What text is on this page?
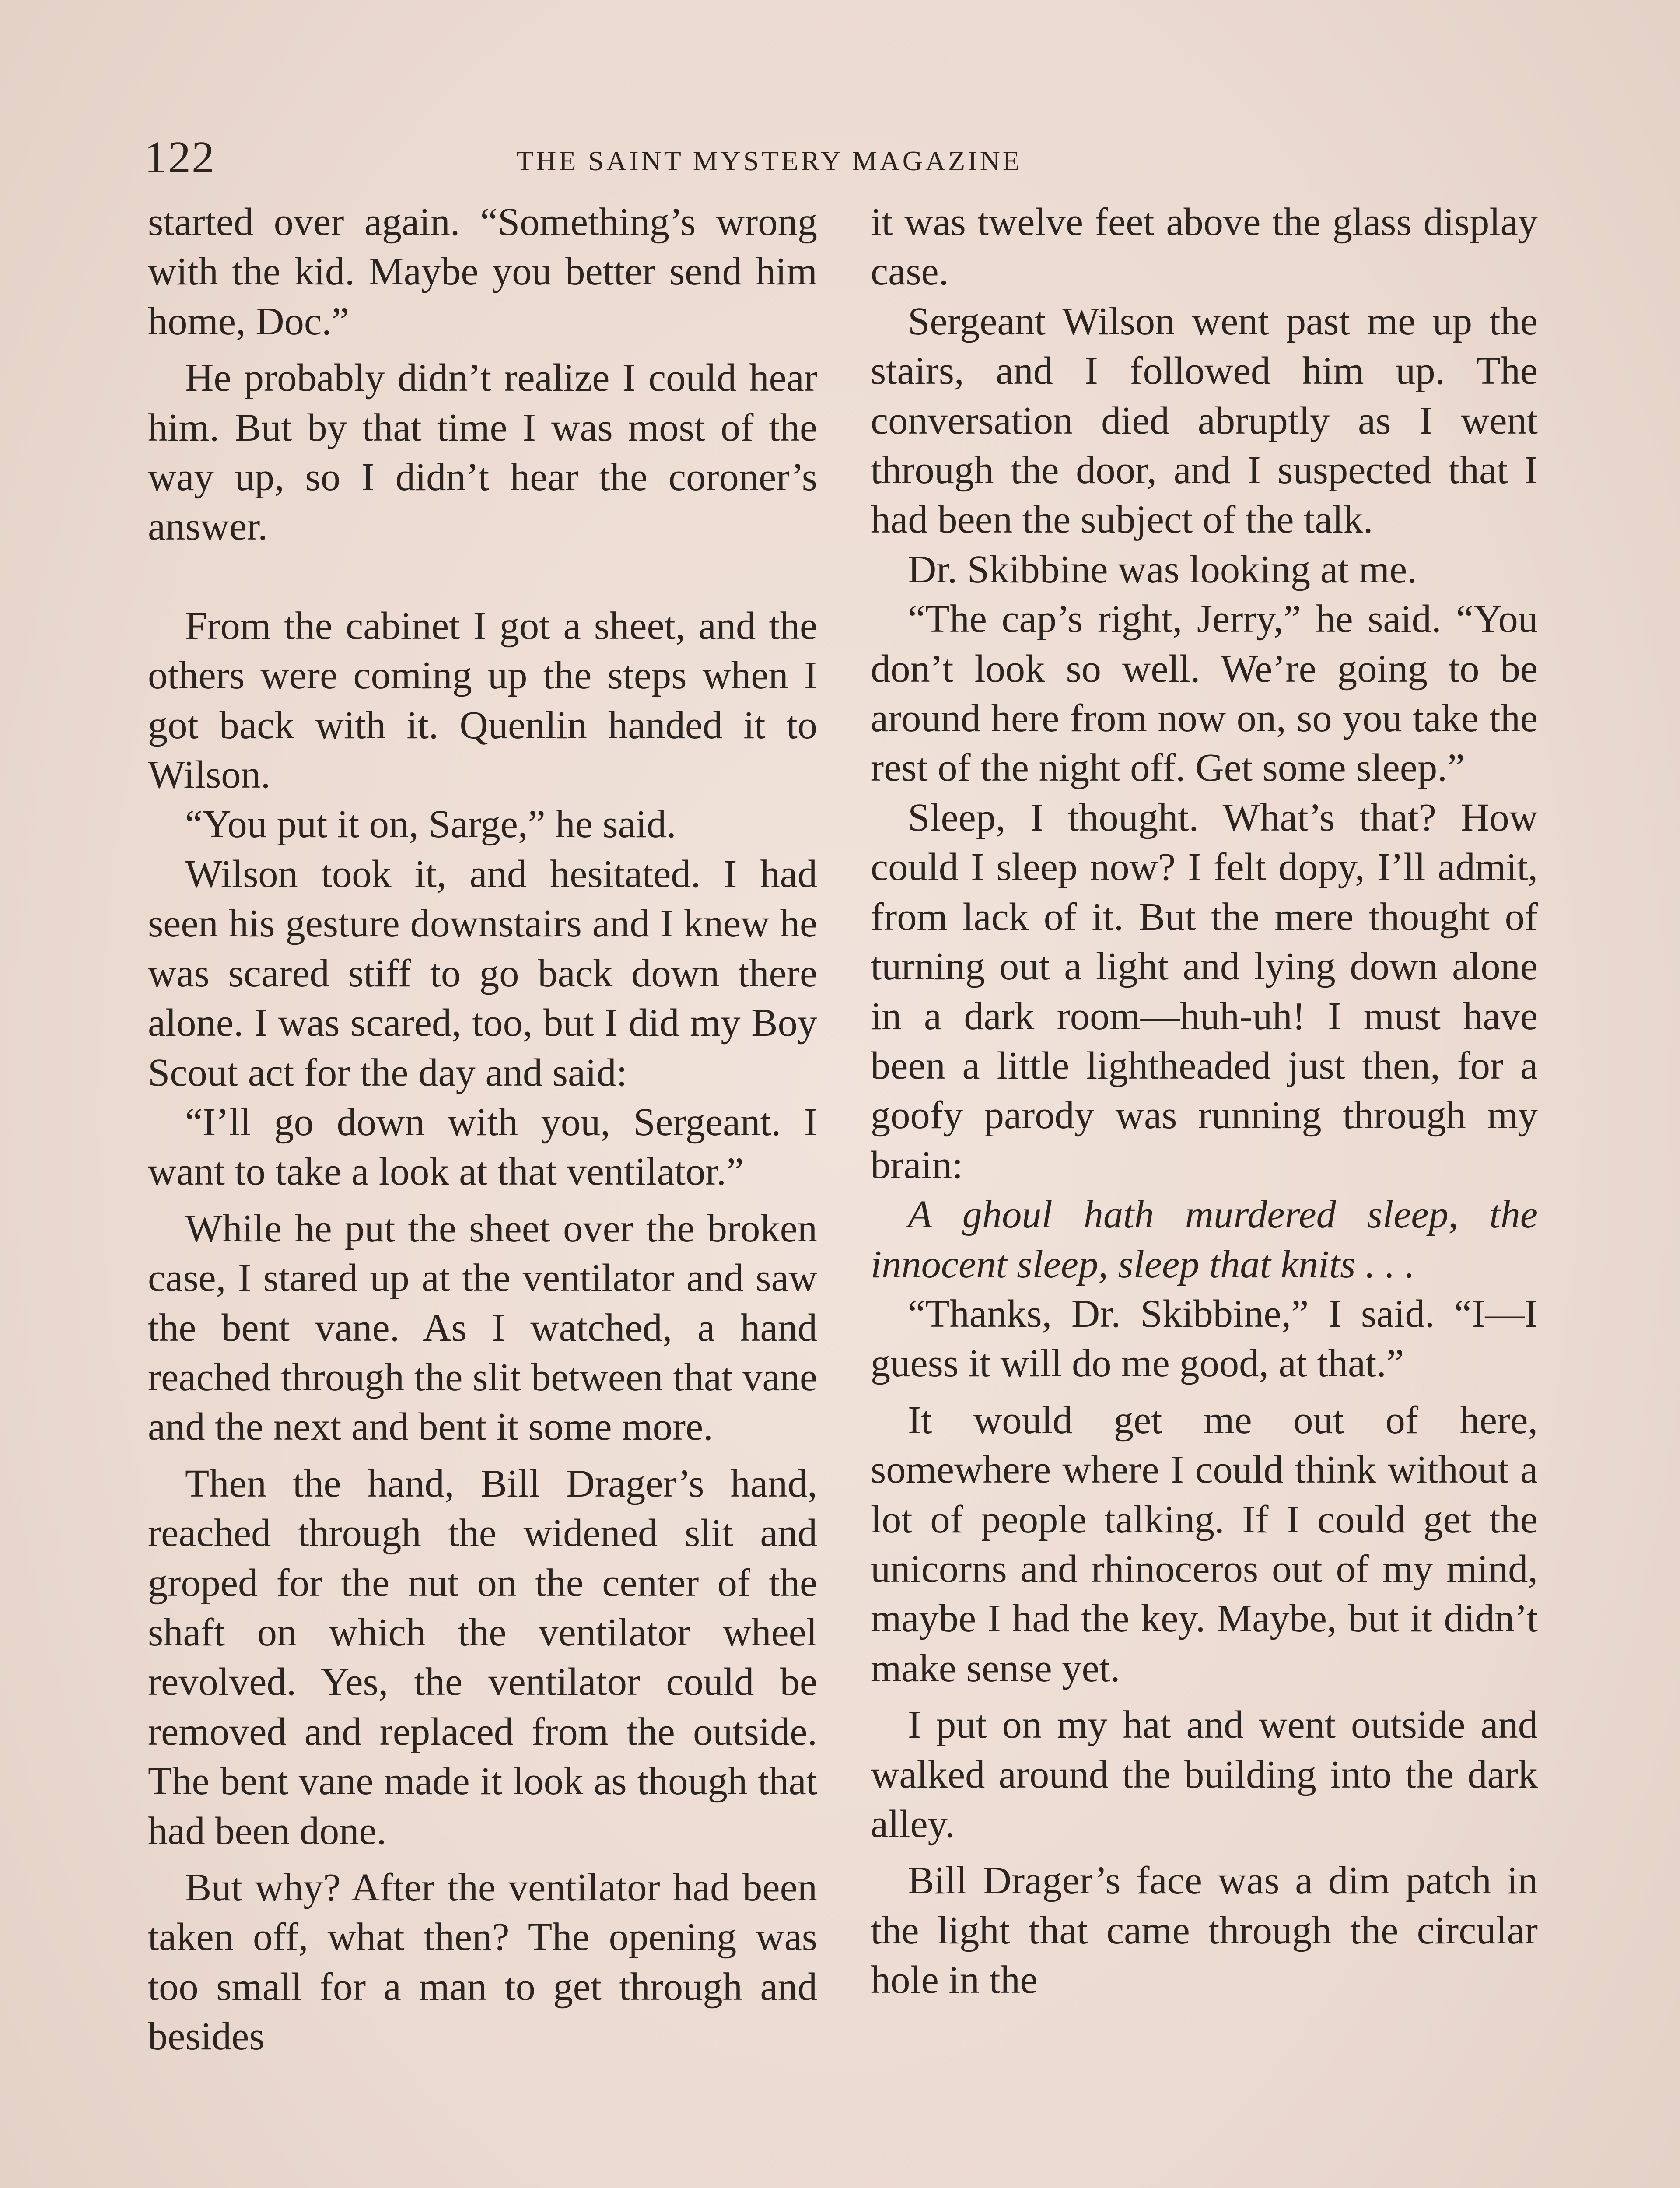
122	THE SAINT MYSTERY MAGAZINE

started over again. “Something’s wrong with the kid. Maybe you better send him home, Doc.”

He probably didn’t realize I could hear him. But by that time I was most of the way up, so I didn’t hear the coroner’s answer.

From the cabinet I got a sheet, and the others were coming up the steps when I got back with it. Quenlin handed it to Wilson.

“You put it on, Sarge,” he said.

Wilson took it, and hesitated. I had seen his gesture downstairs and I knew he was scared stiff to go back down there alone. I was scared, too, but I did my Boy Scout act for the day and said:

“I’ll go down with you, Sergeant. I want to take a look at that ventilator.”

While he put the sheet over the broken case, I stared up at the ventilator and saw the bent vane. As I watched, a hand reached through the slit between that vane and the next and bent it some more.

Then the hand, Bill Drager’s hand, reached through the widened slit and groped for the nut on the center of the shaft on which the ventilator wheel revolved. Yes, the ventilator could be removed and replaced from the outside. The bent vane made it look as though that had been done.

But why? After the ventilator had been taken off, what then? The opening was too small for a man to get through and besides

it was twelve feet above the glass display case.

Sergeant Wilson went past me up the stairs, and I followed him up. The conversation died abruptly as I went through the door, and I suspected that I had been the subject of the talk.

Dr. Skibbine was looking at me.

“The cap’s right, Jerry,” he said. “You don’t look so well. We’re going to be around here from now on, so you take the rest of the night off. Get some sleep.”

Sleep, I thought. What’s that? How could I sleep now? I felt dopy, I’ll admit, from lack of it. But the mere thought of turning out a light and lying down alone in a dark room—huh-uh! I must have been a little lightheaded just then, for a goofy parody was running through my brain:

A ghoul hath murdered sleep, the innocent sleep, sleep that knits . . .

“Thanks, Dr. Skibbine,” I said. “I—I guess it will do me good, at that.”

It would get me out of here, somewhere where I could think without a lot of people talking. If I could get the unicorns and rhinoceros out of my mind, maybe I had the key. Maybe, but it didn’t make sense yet.

I put on my hat and went outside and walked around the building into the dark alley.

Bill Drager’s face was a dim patch in the light that came through the circular hole in the
